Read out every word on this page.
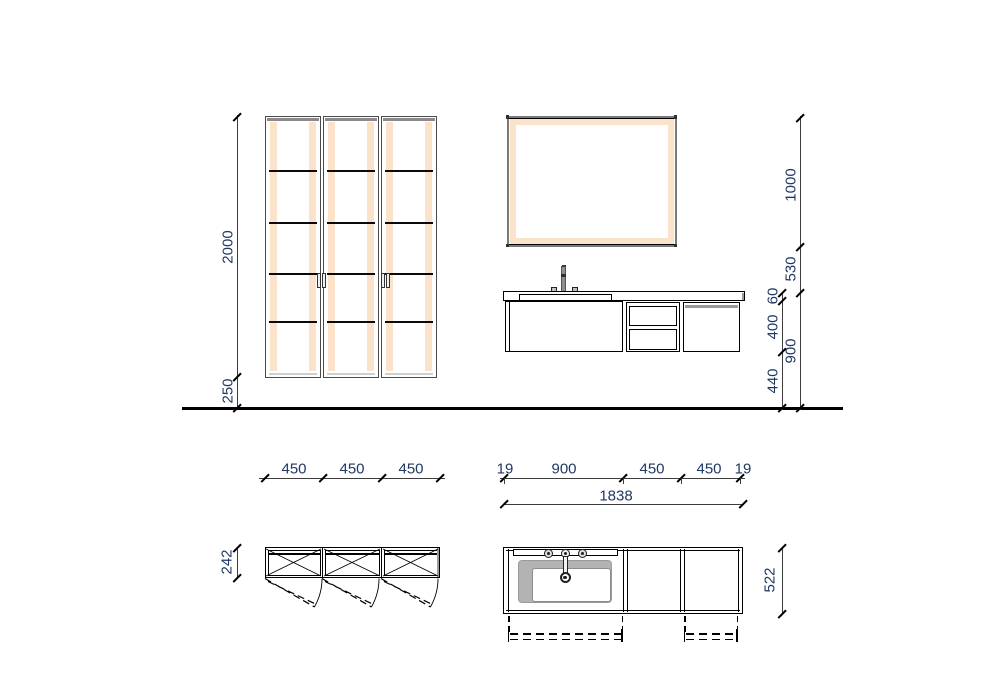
2000
250
60
400
440
1000
530
900
450 450 450
242
19	900	450 450 19
1838
522
